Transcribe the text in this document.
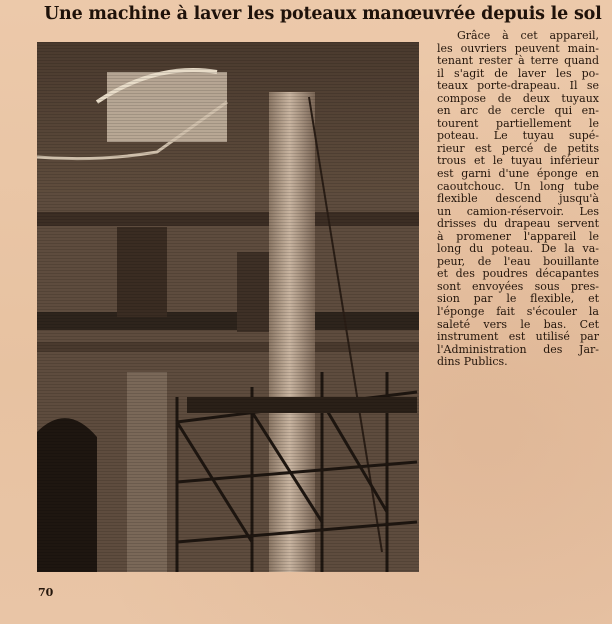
Une machine à laver les poteaux manœuvrée depuis le sol
Grâce à cet appareil,
les ouvriers peuvent main-
tenant rester à terre quand
il s'agit de laver les po-
teaux porte-drapeau. Il se
compose de deux tuyaux
en arc de cercle qui en-
tourent partiellement le
poteau. Le tuyau supé-
rieur est percé de petits
trous et le tuyau inférieur
est garni d'une éponge en
caoutchouc. Un long tube
flexible descend jusqu'à
un camion-réservoir. Les
drisses du drapeau servent
à promener l'appareil le
long du poteau. De la va-
peur, de l'eau bouillante
et des poudres décapantes
sont envoyées sous pres-
sion par le flexible, et
l'éponge fait s'écouler la
saleté vers le bas. Cet
instrument est utilisé par
l'Administration des Jar-
dins Publics.
70
